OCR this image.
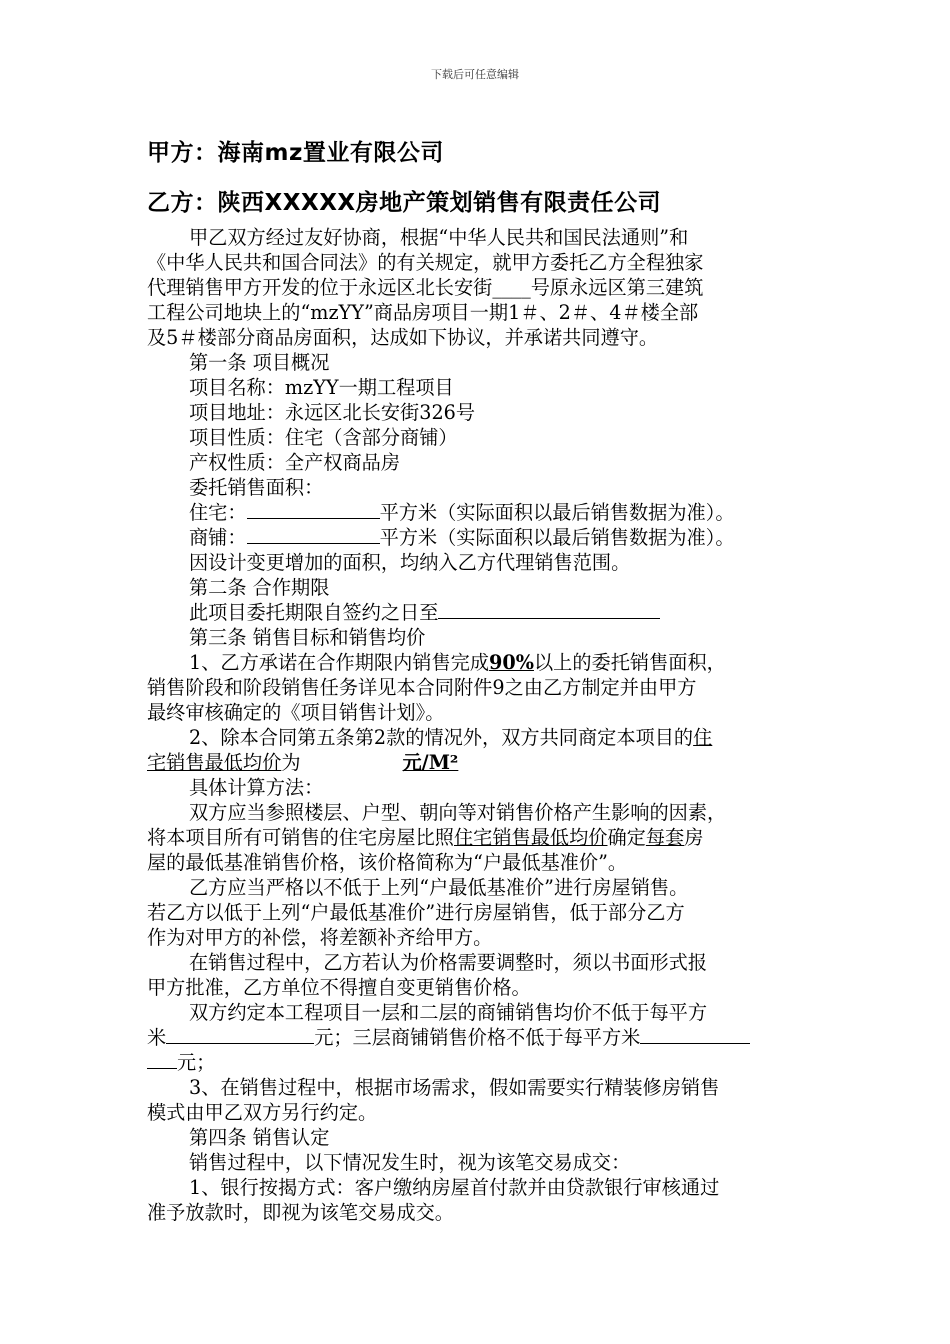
下载后可任意编辑
甲方：海南mz置业有限公司
乙方：陕西XXXXX房地产策划销售有限责任公司

甲乙双方经过友好协商，根据“中华人民共和国民法通则”和

《中华人民共和国合同法》的有关规定，就甲方委托乙方全程独家

代理销售甲方开发的位于永远区北长安街____号原永远区第三建筑

工程公司地块上的“mzYY”商品房项目一期1＃、2＃、4＃楼全部

及5＃楼部分商品房面积，达成如下协议，并承诺共同遵守。

第一条 项目概况

项目名称：mzYY一期工程项目

项目地址：永远区北长安街326号

项目性质：住宅（含部分商铺）

产权性质：全产权商品房

委托销售面积：

住宅：	平方米（实际面积以最后销售数据为准）。

商铺：	平方米（实际面积以最后销售数据为准）。

因设计变更增加的面积，均纳入乙方代理销售范围。

第二条 合作期限

此项目委托期限自签约之日至

第三条 销售目标和销售均价

1、乙方承诺在合作期限内销售完成90%以上的委托销售面积，

销售阶段和阶段销售任务详见本合同附件9之由乙方制定并由甲方

最终审核确定的《项目销售计划》。

2、除本合同第五条第2款的情况外，双方共同商定本项目的住

宅销售最低均价为	元/M²

具体计算方法：

双方应当参照楼层、户型、朝向等对销售价格产生影响的因素，

将本项目所有可销售的住宅房屋比照住宅销售最低均价确定每套房

屋的最低基准销售价格，该价格简称为“户最低基准价”。

乙方应当严格以不低于上列“户最低基准价”进行房屋销售。

若乙方以低于上列“户最低基准价”进行房屋销售，低于部分乙方

作为对甲方的补偿，将差额补齐给甲方。

在销售过程中，乙方若认为价格需要调整时，须以书面形式报

甲方批准，乙方单位不得擅自变更销售价格。

双方约定本工程项目一层和二层的商铺销售均价不低于每平方

米	元；三层商铺销售价格不低于每平方米

元；

3、在销售过程中，根据市场需求，假如需要实行精装修房销售

模式由甲乙双方另行约定。

第四条 销售认定

销售过程中，以下情况发生时，视为该笔交易成交：

1、银行按揭方式：客户缴纳房屋首付款并由贷款银行审核通过

准予放款时，即视为该笔交易成交。
